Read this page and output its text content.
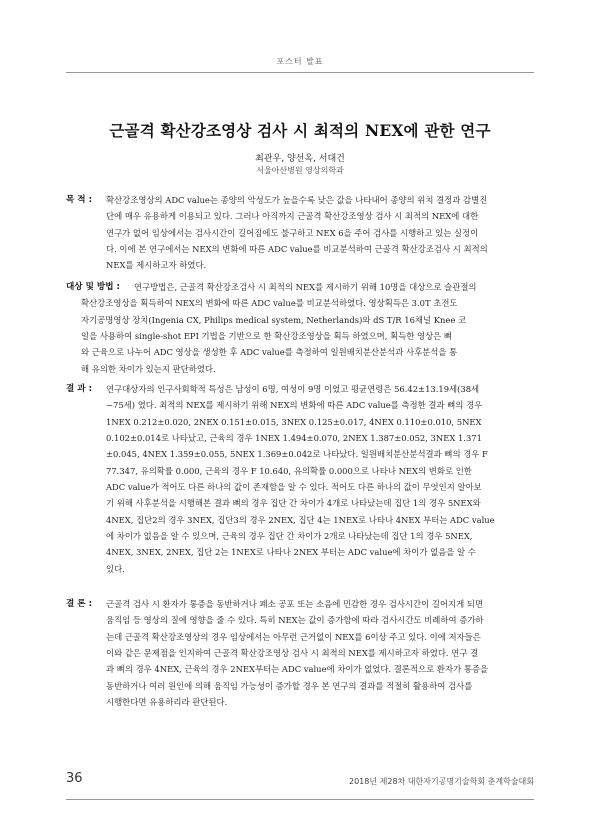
포스터 발표
근골격 확산강조영상 검사 시 최적의 NEX에 관한 연구
최관우, 양선옥, 서대건
서울아산병원 영상의학과
목 적 : 확산강조영상의 ADC value는 종양의 악성도가 높을수록 낮은 값을 나타내어 종양의 위치 결정과 감별진
단에 매우 유용하게 이용되고 있다. 그러나 아직까지 근골격 확산강조영상 검사 시 최적의 NEX에 대한
연구가 없어 임상에서는 검사시간이 길어짐에도 불구하고 NEX 6을 주어 검사를 시행하고 있는 실정이
다. 이에 본 연구에서는 NEX의 변화에 따른 ADC value를 비교분석하여 근골격 확산강조검사 시 최적의
NEX를 제시하고자 하였다.
대상 및 방법 : 연구방법은, 근골격 확산강조검사 시 최적의 NEX를 제시하기 위해 10명을 대상으로 슬관절의
확산강조영상을 획득하여 NEX의 변화에 따른 ADC value를 비교분석하였다. 영상획득은 3.0T 초전도
자기공명영상 장치(Ingenia CX, Philips medical system, Netherlands)와 dS T/R 16채널 Knee 코
일을 사용하여 single-shot EPI 기법을 기반으로 한 확산강조영상을 획득 하였으며, 획득한 영상은 뼈
와 근육으로 나누어 ADC 영상을 생성한 후 ADC value를 측정하여 일원배치분산분석과 사후분석을 통
해 유의한 차이가 있는지 판단하였다.
결 과 : 연구대상자의 인구사회학적 특성은 남성이 6명, 여성이 9명 이었고 평균연령은 56.42±13.19세(38세
~75세) 였다. 최적의 NEX를 제시하기 위해 NEX의 변화에 따른 ADC value를 측정한 결과 뼈의 경우
1NEX 0.212±0.020, 2NEX 0.151±0.015, 3NEX 0.125±0.017, 4NEX 0.110±0.010, 5NEX
0.102±0.014로 나타났고, 근육의 경우 1NEX 1.494±0.070, 2NEX 1.387±0.052, 3NEX 1.371
±0.045, 4NEX 1.359±0.055, 5NEX 1.369±0.042로 나타났다. 일원배치분산분석결과 뼈의 경우 F
77.347, 유의확률 0.000, 근육의 경우 F 10.640, 유의확률 0.000으로 나타나 NEX의 변화로 인한
ADC value가 적어도 다른 하나의 값이 존재함을 알 수 있다. 적어도 다른 하나의 값이 무엇인지 알아보
기 위해 사후분석을 시행해본 결과 뼈의 경우 집단 간 차이가 4개로 나타났는데 집단 1의 경우 5NEX와
4NEX, 집단2의 경우 3NEX, 집단3의 경우 2NEX, 집단 4는 1NEX로 나타나 4NEX 부터는 ADC value
에 차이가 없음을 알 수 있으며, 근육의 경우 집단 간 차이가 2개로 나타났는데 집단 1의 경우 5NEX,
4NEX, 3NEX, 2NEX, 집단 2는 1NEX로 나타나 2NEX 부터는 ADC value에 차이가 없음을 알 수
있다.
결 론 : 근골격 검사 시 환자가 통증을 동반하거나 폐소 공포 또는 소음에 민감한 경우 검사시간이 길어지게 되면
움직임 등 영상의 질에 영향을 줄 수 있다. 특히 NEX는 값이 증가함에 따라 검사시간도 비례하여 증가하
는데 근골격 확산강조영상의 경우 임상에서는 아무런 근거없이 NEX를 6이상 주고 있다. 이에 저자들은
이와 같은 문제점을 인지하여 근골격 확산강조영상 검사 시 최적의 NEX를 제시하고자 하였다. 연구 결
과 뼈의 경우 4NEX, 근육의 경우 2NEX부터는 ADC value에 차이가 없었다. 결론적으로 환자가 통증을
동반하거나 여러 원인에 의해 움직임 가능성이 증가할 경우 본 연구의 결과를 적절히 활용하여 검사를
시행한다면 유용하리라 판단된다.
36	2018년 제28차 대한자기공명기술학회 춘계학술대회
